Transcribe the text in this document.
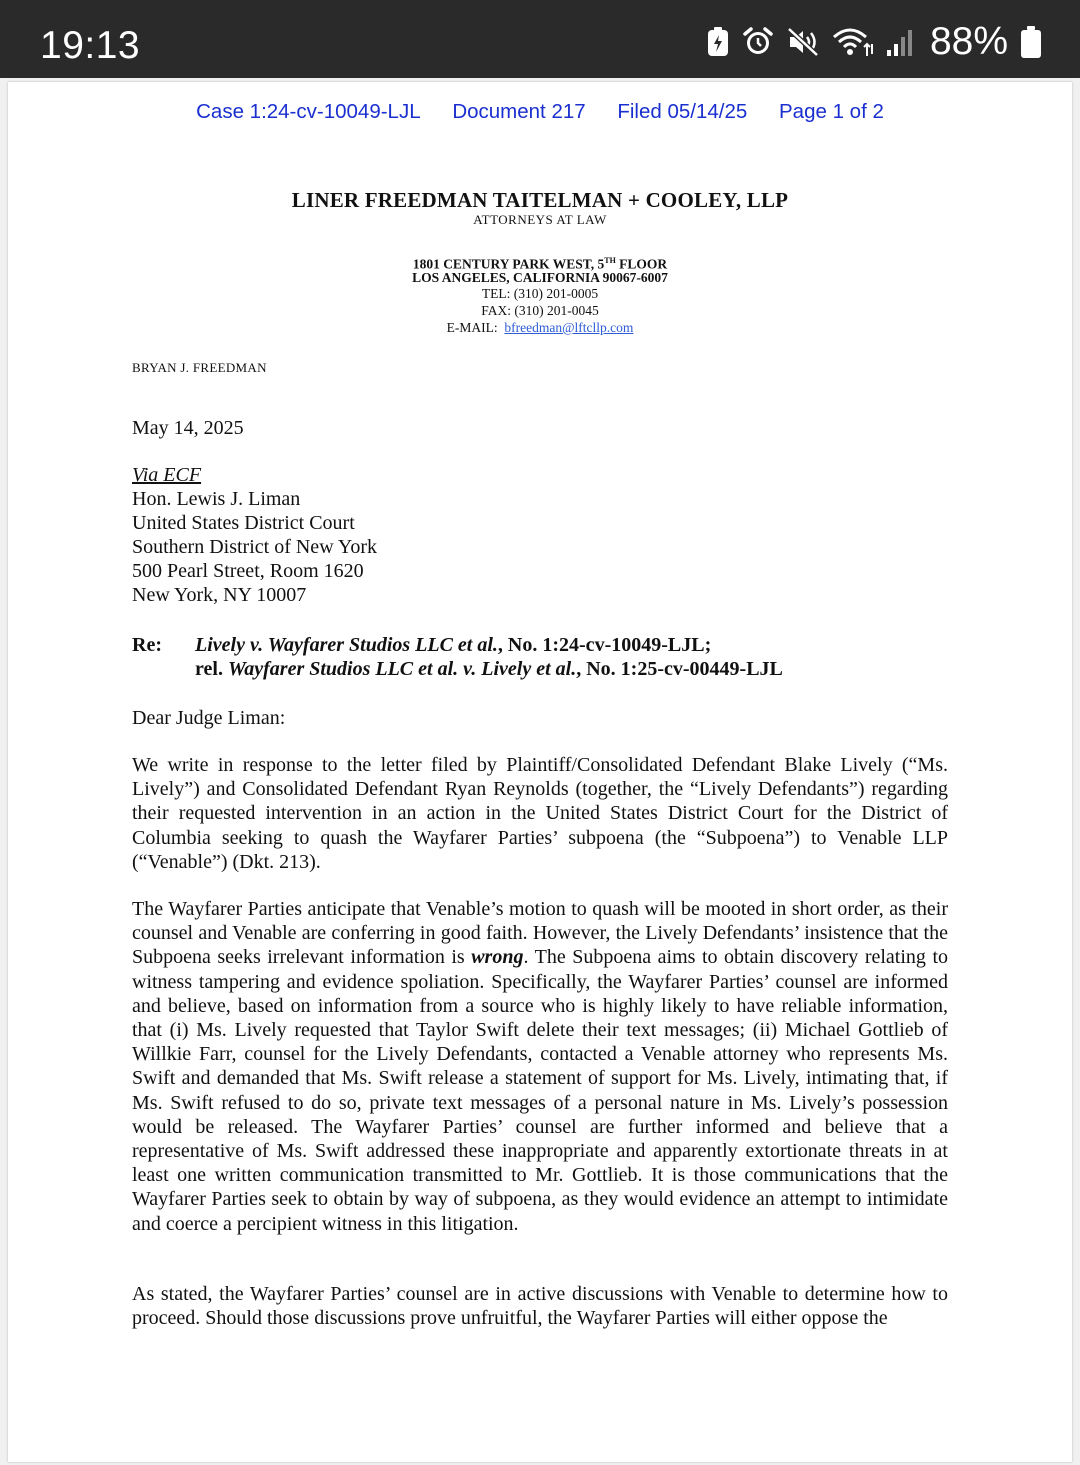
19:13	88%
Case 1:24-cv-10049-LJL Document 217 Filed 05/14/25 Page 1 of 2
LINER FREEDMAN TAITELMAN + COOLEY, LLP
ATTORNEYS AT LAW
1801 CENTURY PARK WEST, 5TH FLOOR
LOS ANGELES, CALIFORNIA 90067-6007
TEL: (310) 201-0005
FAX: (310) 201-0045
E-MAIL: bfreedman@lftcllp.com
BRYAN J. FREEDMAN
May 14, 2025
Via ECF
Hon. Lewis J. Liman
United States District Court
Southern District of New York
500 Pearl Street, Room 1620
New York, NY 10007
Re: Lively v. Wayfarer Studios LLC et al., No. 1:24-cv-10049-LJL;
rel. Wayfarer Studios LLC et al. v. Lively et al., No. 1:25-cv-00449-LJL
Dear Judge Liman:

We write in response to the letter filed by Plaintiff/Consolidated Defendant Blake Lively (“Ms. Lively”) and Consolidated Defendant Ryan Reynolds (together, the “Lively Defendants”) regarding their requested intervention in an action in the United States District Court for the District of Columbia seeking to quash the Wayfarer Parties’ subpoena (the “Subpoena”) to Venable LLP (“Venable”) (Dkt. 213).

The Wayfarer Parties anticipate that Venable’s motion to quash will be mooted in short order, as their counsel and Venable are conferring in good faith. However, the Lively Defendants’ insistence that the Subpoena seeks irrelevant information is wrong. The Subpoena aims to obtain discovery relating to witness tampering and evidence spoliation. Specifically, the Wayfarer Parties’ counsel are informed and believe, based on information from a source who is highly likely to have reliable information, that (i) Ms. Lively requested that Taylor Swift delete their text messages; (ii) Michael Gottlieb of Willkie Farr, counsel for the Lively Defendants, contacted a Venable attorney who represents Ms. Swift and demanded that Ms. Swift release a statement of support for Ms. Lively, intimating that, if Ms. Swift refused to do so, private text messages of a personal nature in Ms. Lively’s possession would be released. The Wayfarer Parties’ counsel are further informed and believe that a representative of Ms. Swift addressed these inappropriate and apparently extortionate threats in at least one written communication transmitted to Mr. Gottlieb. It is those communications that the Wayfarer Parties seek to obtain by way of subpoena, as they would evidence an attempt to intimidate and coerce a percipient witness in this litigation.

As stated, the Wayfarer Parties’ counsel are in active discussions with Venable to determine how to proceed. Should those discussions prove unfruitful, the Wayfarer Parties will either oppose the
